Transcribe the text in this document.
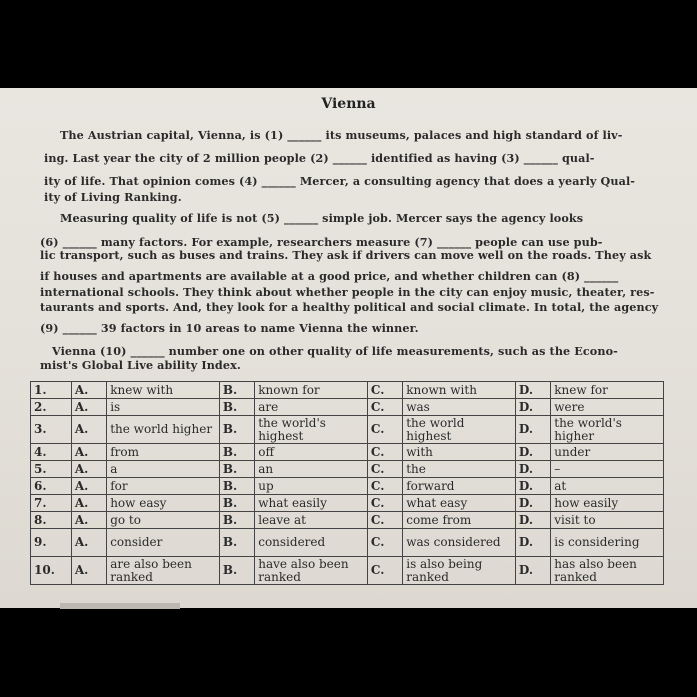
Vienna
The Austrian capital, Vienna, is (1) ______ its museums, palaces and high standard of liv-
ing. Last year the city of 2 million people (2) ______ identified as having (3) ______ qual-
ity of life. That opinion comes (4) ______ Mercer, a consulting agency that does a yearly Qual-
ity of Living Ranking.
Measuring quality of life is not (5) ______ simple job. Mercer says the agency looks
(6) ______ many factors. For example, researchers measure (7) ______ people can use pub-
lic transport, such as buses and trains. They ask if drivers can move well on the roads. They ask
if houses and apartments are available at a good price, and whether children can (8) ______
international schools. They think about whether people in the city can enjoy music, theater, res-
taurants and sports. And, they look for a healthy political and social climate. In total, the agency
(9) ______ 39 factors in 10 areas to name Vienna the winner.
Vienna (10) ______ number one on other quality of life measurements, such as the Econo-
mist's Global Live ability Index.
1.	A.	knew with	B.	known for	C.	known with	D.	knew for
2.	A.	is	B.	are	C.	was	D.	were
3.	A.	the world higher	B.	the world's highest	C.	the world highest	D.	the world's higher
4.	A.	from	B.	off	C.	with	D.	under
5.	A.	a	B.	an	C.	the	D.	–
6.	A.	for	B.	up	C.	forward	D.	at
7.	A.	how easy	B.	what easily	C.	what easy	D.	how easily
8.	A.	go to	B.	leave at	C.	come from	D.	visit to
9.	A.	consider	B.	considered	C.	was considered	D.	is considering
10.	A.	are also been ranked	B.	have also been ranked	C.	is also being ranked	D.	has also been ranked
